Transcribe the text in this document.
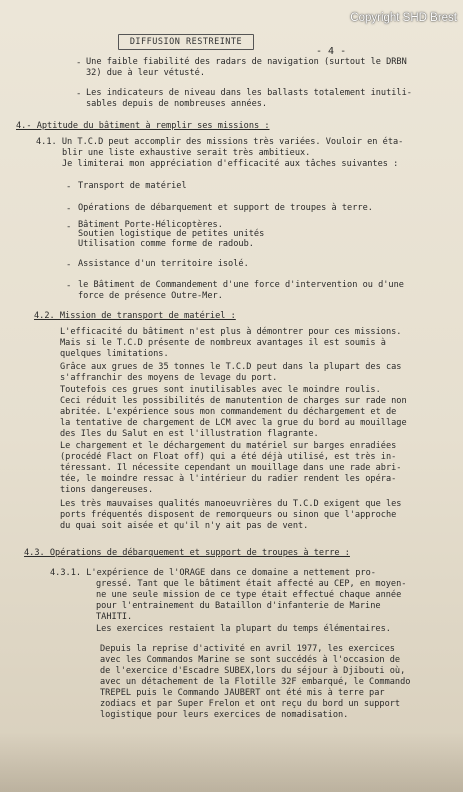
Copyright SHD Brest
DIFFUSION RESTREINTE
- 4 -
- Une faible fiabilité des radars de navigation (surtout le DRBN
32) due à leur vétusté.
- Les indicateurs de niveau dans les ballasts totalement inutili-
sables depuis de nombreuses années.
4.- Aptitude du bâtiment à remplir ses missions :
4.1. Un T.C.D peut accomplir des missions très variées. Vouloir en éta-
blir une liste exhaustive serait très ambitieux.
Je limiterai mon appréciation d'efficacité aux tâches suivantes :
- Transport de matériel
- Opérations de débarquement et support de troupes à terre.
- Bâtiment Porte-Hélicoptères.
Soutien logistique de petites unités
Utilisation comme forme de radoub.
- Assistance d'un territoire isolé.
- le Bâtiment de Commandement d'une force d'intervention ou d'une
force de présence Outre-Mer.
4.2. Mission de transport de matériel :
L'efficacité du bâtiment n'est plus à démontrer pour ces missions.
Mais si le T.C.D présente de nombreux avantages il est soumis à
quelques limitations.
Grâce aux grues de 35 tonnes le T.C.D peut dans la plupart des cas
s'affranchir des moyens de levage du port.
Toutefois ces grues sont inutilisables avec le moindre roulis.
Ceci réduit les possibilités de manutention de charges sur rade non
abritée. L'expérience sous mon commandement du déchargement et de
la tentative de chargement de LCM avec la grue du bord au mouillage
des Iles du Salut en est l'illustration flagrante.
Le chargement et le déchargement du matériel sur barges enradiées
(procédé Flact on Float off) qui a été déjà utilisé, est très in-
téressant. Il nécessite cependant un mouillage dans une rade abri-
tée, le moindre ressac à l'intérieur du radier rendent les opéra-
tions dangereuses.
Les très mauvaises qualités manoeuvrières du T.C.D exigent que les
ports fréquentés disposent de remorqueurs ou sinon que l'approche
du quai soit aisée et qu'il n'y ait pas de vent.
4.3. Opérations de débarquement et support de troupes à terre :
4.3.1. L'expérience de l'ORAGE dans ce domaine a nettement pro-
gressé. Tant que le bâtiment était affecté au CEP, en moyen-
ne une seule mission de ce type était effectué chaque année
pour l'entrainement du Bataillon d'infanterie de Marine
TAHITI.
Les exercices restaient la plupart du temps élémentaires.
Depuis la reprise d'activité en avril 1977, les exercices
avec les Commandos Marine se sont succédés à l'occasion de
de l'exercice d'Escadre SUBEX,lors du séjour à Djibouti où,
avec un détachement de la Flotille 32F embarqué, le Commando
TREPEL puis le Commando JAUBERT ont été mis à terre par
zodiacs et par Super Frelon et ont reçu du bord un support
logistique pour leurs exercices de nomadisation.
